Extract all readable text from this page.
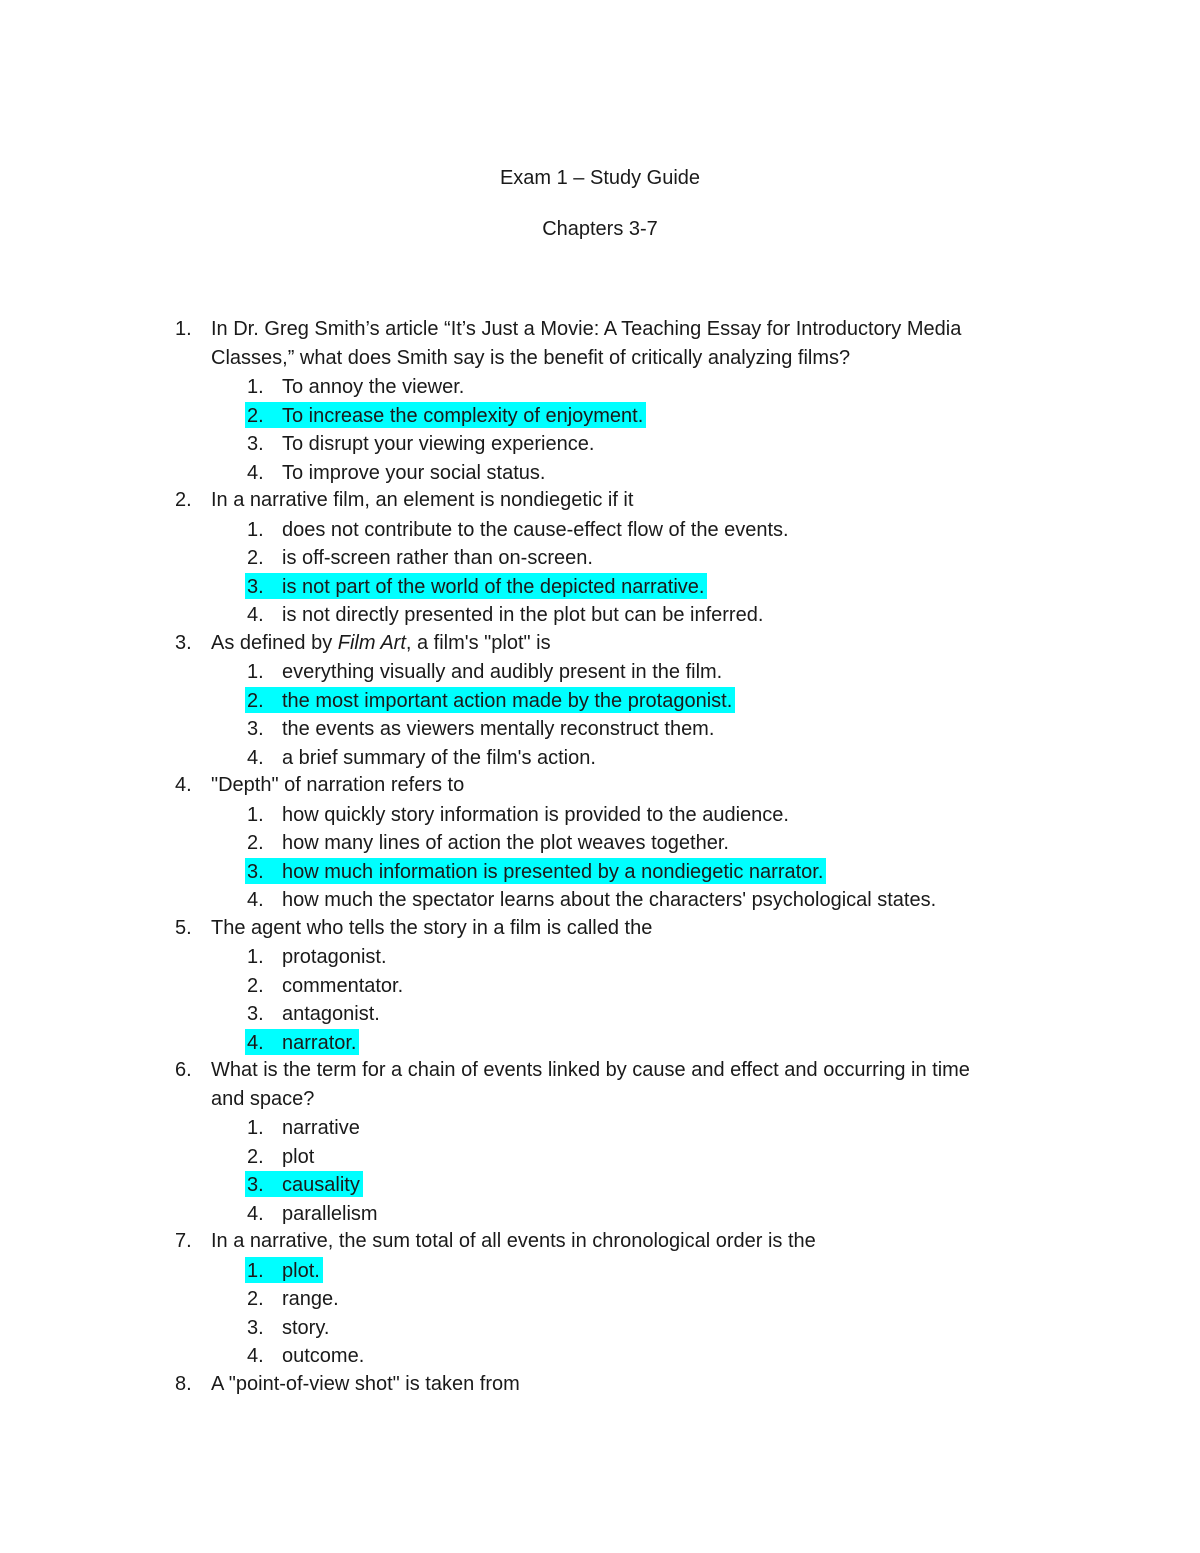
Exam 1 – Study Guide
Chapters 3-7
1. In Dr. Greg Smith’s article “It’s Just a Movie: A Teaching Essay for Introductory Media
Classes,” what does Smith say is the benefit of critically analyzing films?
1. To annoy the viewer.
2. To increase the complexity of enjoyment.
3. To disrupt your viewing experience.
4. To improve your social status.
2. In a narrative film, an element is nondiegetic if it
1. does not contribute to the cause-effect flow of the events.
2. is off-screen rather than on-screen.
3. is not part of the world of the depicted narrative.
4. is not directly presented in the plot but can be inferred.
3. As defined by Film Art, a film's "plot" is
1. everything visually and audibly present in the film.
2. the most important action made by the protagonist.
3. the events as viewers mentally reconstruct them.
4. a brief summary of the film's action.
4. "Depth" of narration refers to
1. how quickly story information is provided to the audience.
2. how many lines of action the plot weaves together.
3. how much information is presented by a nondiegetic narrator.
4. how much the spectator learns about the characters' psychological states.
5. The agent who tells the story in a film is called the
1. protagonist.
2. commentator.
3. antagonist.
4. narrator.
6. What is the term for a chain of events linked by cause and effect and occurring in time
and space?
1. narrative
2. plot
3. causality
4. parallelism
7. In a narrative, the sum total of all events in chronological order is the
1. plot.
2. range.
3. story.
4. outcome.
8. A "point-of-view shot" is taken from
